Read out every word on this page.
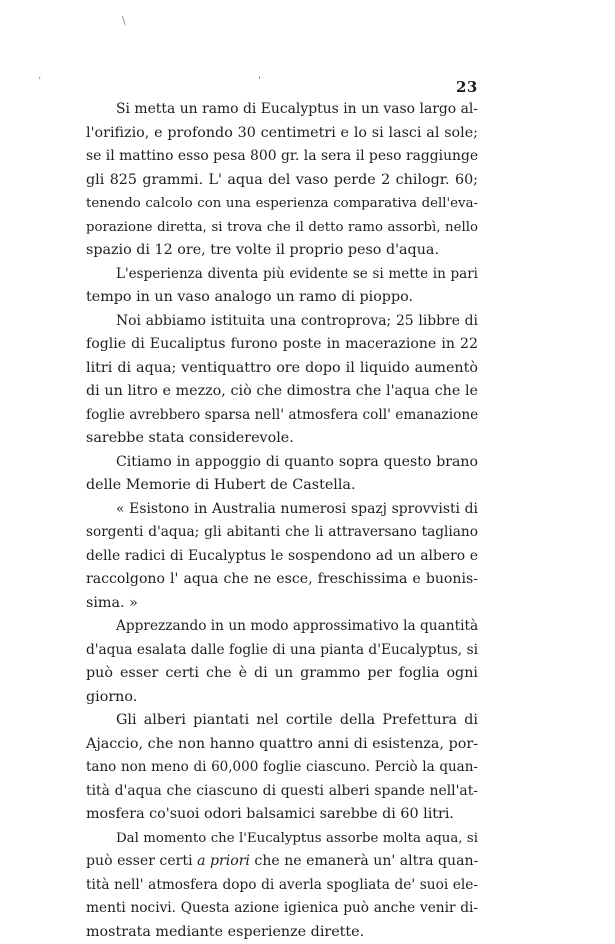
\
'
,
23
Si metta un ramo di Eucalyptus in un vaso largo al-
l'orifizio, e profondo 30 centimetri e lo si lasci al sole;
se il mattino esso pesa 800 gr. la sera il peso raggiunge
gli 825 grammi. L' aqua del vaso perde 2 chilogr. 60;
tenendo calcolo con una esperienza comparativa dell'eva-
porazione diretta, si trova che il detto ramo assorbì, nello
spazio di 12 ore, tre volte il proprio peso d'aqua.
L'esperienza diventa più evidente se si mette in pari
tempo in un vaso analogo un ramo di pioppo.
Noi abbiamo istituita una controprova; 25 libbre di
foglie di Eucaliptus furono poste in macerazione in 22
litri di aqua; ventiquattro ore dopo il liquido aumentò
di un litro e mezzo, ciò che dimostra che l'aqua che le
foglie avrebbero sparsa nell' atmosfera coll' emanazione
sarebbe stata considerevole.
Citiamo in appoggio di quanto sopra questo brano
delle Memorie di Hubert de Castella.
« Esistono in Australia numerosi spazj sprovvisti di
sorgenti d'aqua; gli abitanti che li attraversano tagliano
delle radici di Eucalyptus le sospendono ad un albero e
raccolgono l' aqua che ne esce, freschissima e buonis-
sima. »
Apprezzando in un modo approssimativo la quantità
d'aqua esalata dalle foglie di una pianta d'Eucalyptus, si
può esser certi che è di un grammo per foglia ogni
giorno.
Gli alberi piantati nel cortile della Prefettura di
Ajaccio, che non hanno quattro anni di esistenza, por-
tano non meno di 60,000 foglie ciascuno. Perciò la quan-
tità d'aqua che ciascuno di questi alberi spande nell'at-
mosfera co'suoi odori balsamici sarebbe di 60 litri.
Dal momento che l'Eucalyptus assorbe molta aqua, si
può esser certi a priori che ne emanerà un' altra quan-
tità nell' atmosfera dopo di averla spogliata de' suoi ele-
menti nocivi. Questa azione igienica può anche venir di-
mostrata mediante esperienze dirette.
